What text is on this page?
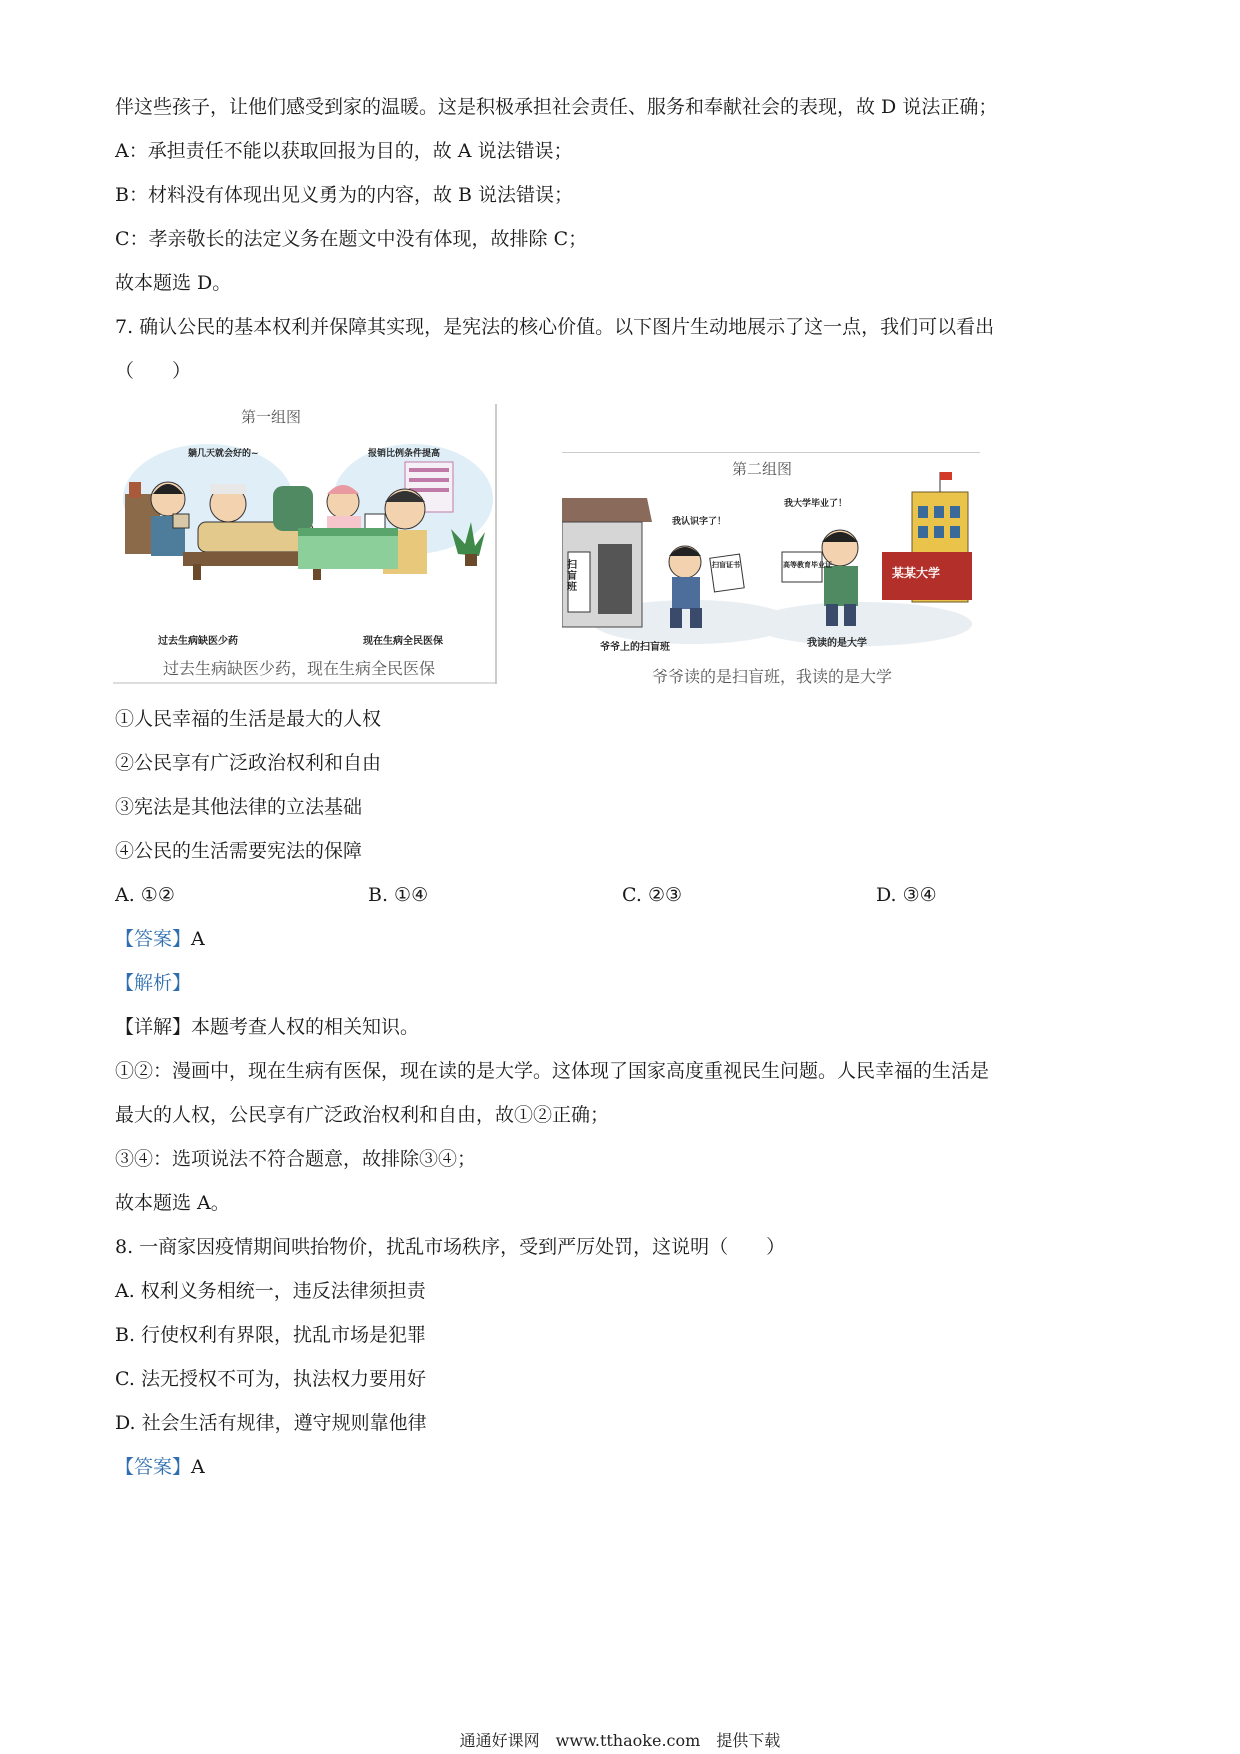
伴这些孩子，让他们感受到家的温暖。这是积极承担社会责任、服务和奉献社会的表现，故 D 说法正确；
A：承担责任不能以获取回报为目的，故 A 说法错误；
B：材料没有体现出见义勇为的内容，故 B 说法错误；
C：孝亲敬长的法定义务在题文中没有体现，故排除 C；
故本题选 D。
7. 确认公民的基本权利并保障其实现，是宪法的核心价值。以下图片生动地展示了这一点，我们可以看出
（　　）
第一组图
躺几天就会好的~	报销比例条件提高
过去生病缺医少药	现在生病全民医保
过去生病缺医少药，现在生病全民医保
第二组图
我认识字了！
我大学毕业了！
扫盲班
扫盲证书	高等教育毕业证
某某大学
爷爷上的扫盲班	我读的是大学
爷爷读的是扫盲班，我读的是大学
①人民幸福的生活是最大的人权
②公民享有广泛政治权利和自由
③宪法是其他法律的立法基础
④公民的生活需要宪法的保障
A. ①②	B. ①④	C. ②③	D. ③④
【答案】A
【解析】
【详解】本题考查人权的相关知识。
①②：漫画中，现在生病有医保，现在读的是大学。这体现了国家高度重视民生问题。人民幸福的生活是
最大的人权，公民享有广泛政治权利和自由，故①②正确；
③④：选项说法不符合题意，故排除③④；
故本题选 A。
8. 一商家因疫情期间哄抬物价，扰乱市场秩序，受到严厉处罚，这说明（　　）
A. 权利义务相统一，违反法律须担责
B. 行使权利有界限，扰乱市场是犯罪
C. 法无授权不可为，执法权力要用好
D. 社会生活有规律，遵守规则靠他律
【答案】A
通通好课网　www.tthaoke.com　提供下载
